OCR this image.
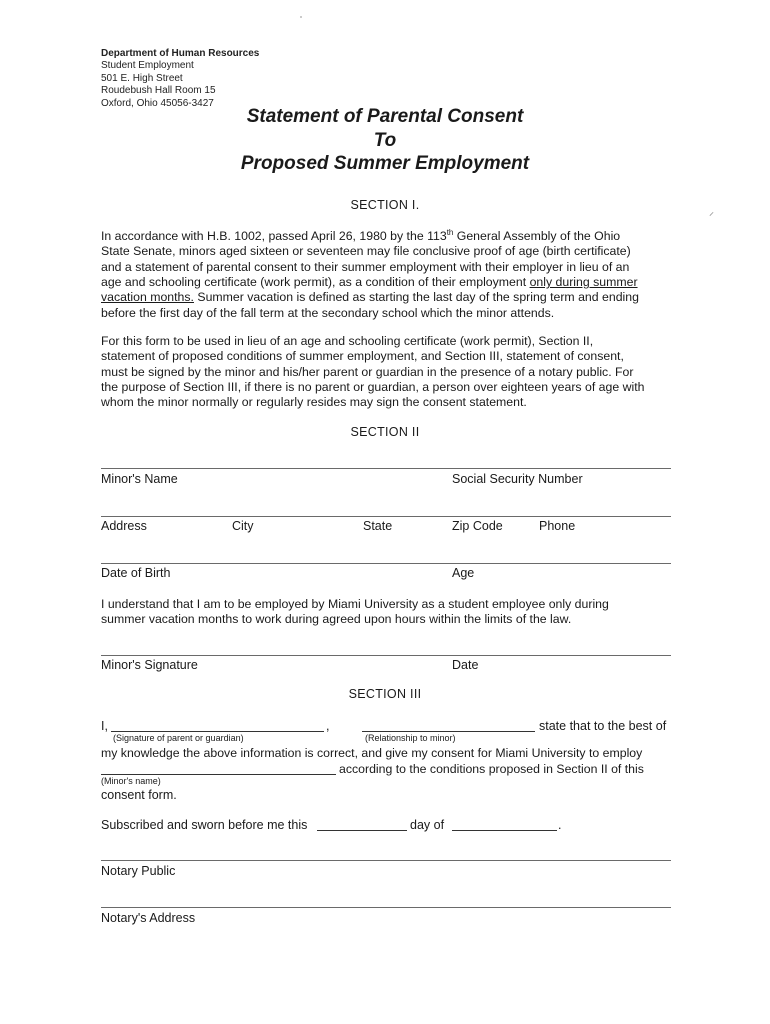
Department of Human Resources
Student Employment
501 E. High Street
Roudebush Hall Room 15
Oxford, Ohio 45056-3427
Statement of Parental Consent
To
Proposed Summer Employment
SECTION I.
⸝
In accordance with H.B. 1002, passed April 26, 1980 by the 113th General Assembly of the Ohio
State Senate, minors aged sixteen or seventeen may file conclusive proof of age (birth certificate)
and a statement of parental consent to their summer employment with their employer in lieu of an
age and schooling certificate (work permit), as a condition of their employment only during summer
vacation months. Summer vacation is defined as starting the last day of the spring term and ending
before the first day of the fall term at the secondary school which the minor attends.
For this form to be used in lieu of an age and schooling certificate (work permit), Section II,
statement of proposed conditions of summer employment, and Section III, statement of consent,
must be signed by the minor and his/her parent or guardian in the presence of a notary public. For
the purpose of Section III, if there is no parent or guardian, a person over eighteen years of age with
whom the minor normally or regularly resides may sign the consent statement.
SECTION II
Minor's Name	Social Security Number
Address	City	State	Zip Code	Phone
Date of Birth	Age
I understand that I am to be employed by Miami University as a student employee only during
summer vacation months to work during agreed upon hours within the limits of the law.
Minor's Signature	Date
SECTION III
I,	,	state that to the best of
(Signature of parent or guardian)	(Relationship to minor)
my knowledge the above information is correct, and give my consent for Miami University to employ
according to the conditions proposed in Section II of this
(Minor's name)
consent form.
Subscribed and sworn before me this	day of	.
Notary Public
Notary's Address
